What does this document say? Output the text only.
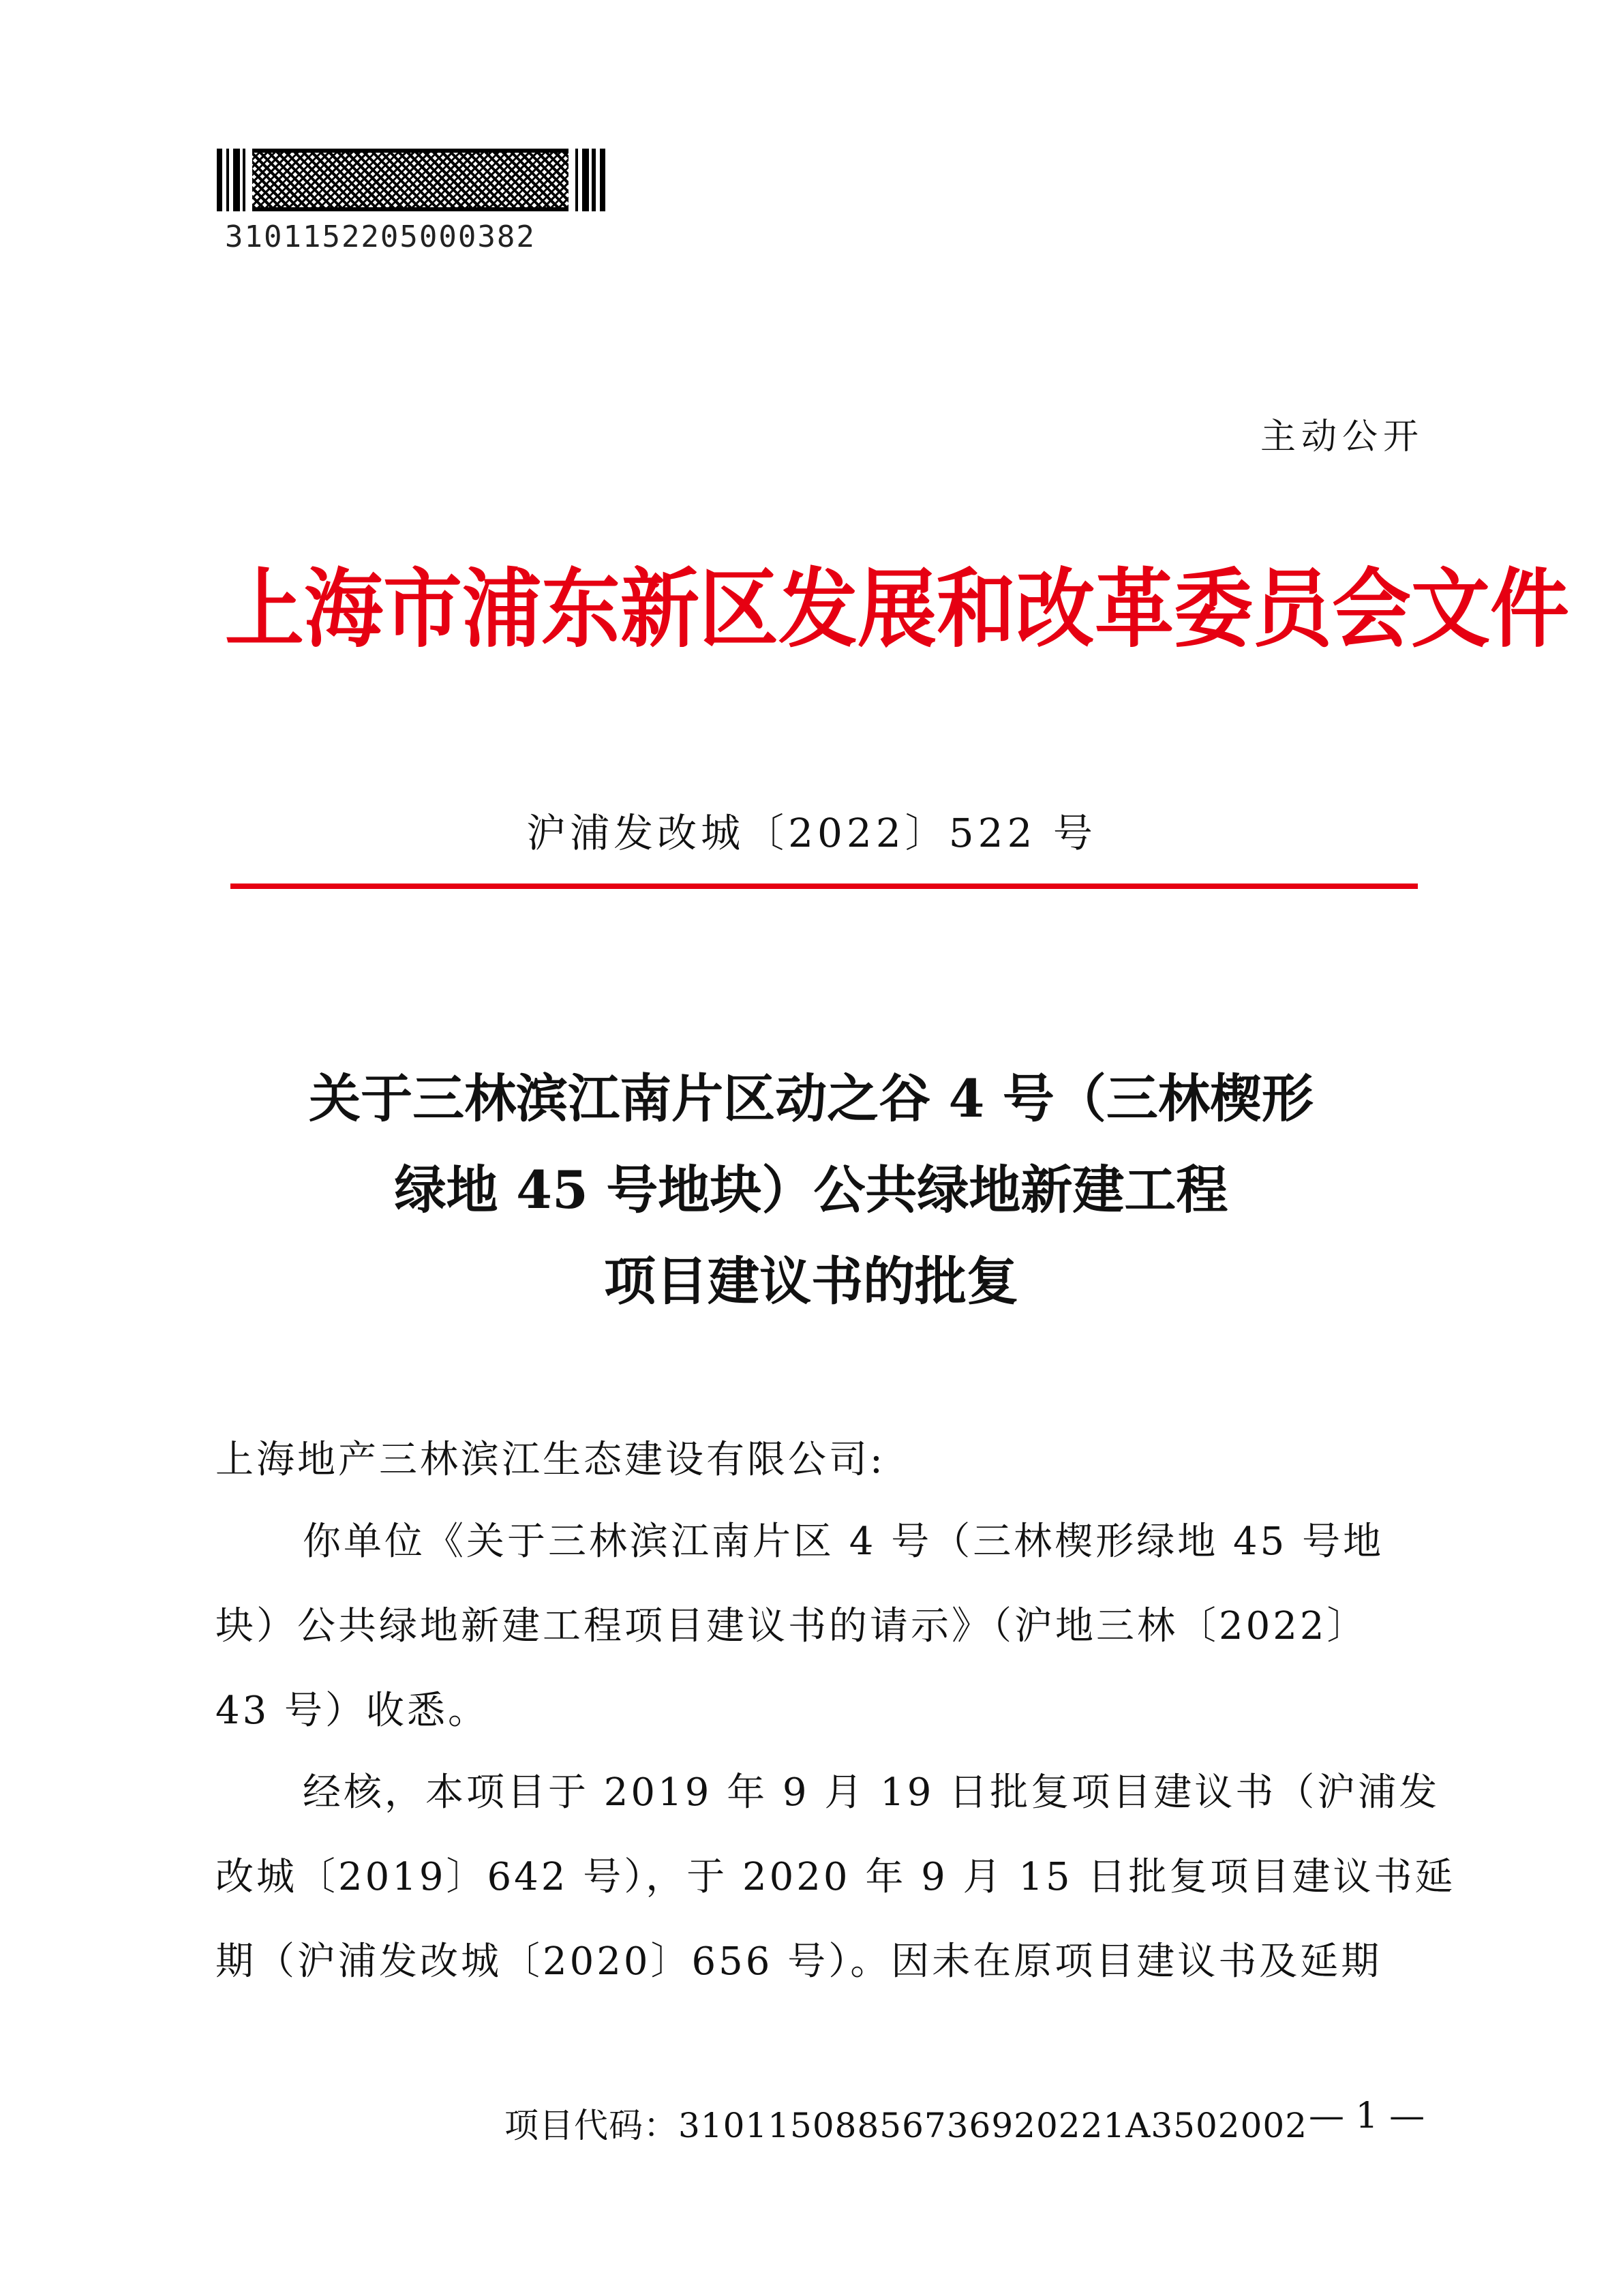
310115220500038​2
主动公开
上海市浦东新区发展和改革委员会文件
沪浦发改城〔2022〕522 号
关于三林滨江南片区动之谷 4 号（三林楔形
绿地 45 号地块）公共绿地新建工程
项目建议书的批复
上海地产三林滨江生态建设有限公司:
你单位《关于三林滨江南片区 4 号（三林楔形绿地 45 号地
块）公共绿地新建工程项目建议书的请示》（沪地三林〔2022〕
43 号）收悉。
经核，本项目于 2019 年 9 月 19 日批复项目建议书（沪浦发
改城〔2019〕642 号），于 2020 年 9 月 15 日批复项目建议书延
期（沪浦发改城〔2020〕656 号）。因未在原项目建议书及延期
项目代码：31011508856736920221A3502002 — 1 —
